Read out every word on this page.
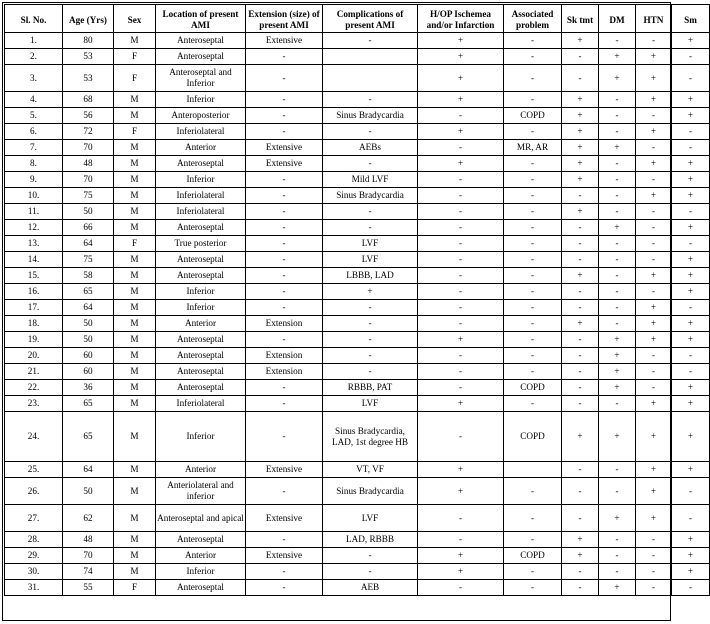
Sl. No.	Age (Yrs)	Sex	Location of present AMI	Extension (size) of present AMI	Complications of present AMI	H/OP Ischemea and/or Infarction	Associated problem	Sk tmt	DM	HTN	Sm
1.	80	M	Anteroseptal	Extensive	-	+	-	+	-	-	+
2.	53	F	Anteroseptal	-		+	-	-	+	+	-
3.	53	F	Anteroseptal and Inferior	-		+	-	-	+	+	-
4.	68	M	Inferior	-	-	+	-	+	-	+	+
5.	56	M	Anteroposterior	-	Sinus Bradycardia	-	COPD	+	-	-	+
6.	72	F	Inferiolateral	-	-	+	-	+	-	+	-
7.	70	M	Anterior	Extensive	AEBs	-	MR, AR	+	+	-	-
8.	48	M	Anteroseptal	Extensive	-	+	-	+	-	+	+
9.	70	M	Inferior	-	Mild LVF	-	-	+	-	-	+
10.	75	M	Inferiolateral	-	Sinus Bradycardia	-	-	-	-	+	+
11.	50	M	Inferiolateral	-	-	-	-	+	-	-	-
12.	66	M	Anteroseptal	-	-	-	-	-	+	-	+
13.	64	F	True posterior	-	LVF	-	-	-	-	-	-
14.	75	M	Anteroseptal	-	LVF	-	-	-	-	-	+
15.	58	M	Anteroseptal	-	LBBB, LAD	-	-	+	-	+	+
16.	65	M	Inferior	-	+	-	-	-	-	-	+
17.	64	M	Inferior	-	-	-	-	-	-	+	-
18.	50	M	Anterior	Extension	-	-	-	+	-	+	+
19.	50	M	Anteroseptal	-	-	+	-	-	+	+	+
20.	60	M	Anteroseptal	Extension	-	-	-	-	+	-	-
21.	60	M	Anteroseptal	Extension	-	-	-	-	+	-	-
22.	36	M	Anteroseptal	-	RBBB, PAT	-	COPD	-	+	-	+
23.	65	M	Inferiolateral	-	LVF	+	-	-	-	+	+
24.	65	M	Inferior	-	Sinus Bradycardia, LAD, 1st degree HB	-	COPD	+	+	+	+
25.	64	M	Anterior	Extensive	VT, VF	+		-	-	+	+
26.	50	M	Anteriolateral and inferior	-	Sinus Bradycardia	+	-	-	-	+	-
27.	62	M	Anteroseptal and apical	Extensive	LVF	-	-	-	+	+	-
28.	48	M	Anteroseptal	-	LAD, RBBB	-	-	+	-	-	+
29.	70	M	Anterior	Extensive	-	+	COPD	+	-	-	+
30.	74	M	Inferior	-	-	+	-	-	-	-	+
31.	55	F	Anteroseptal	-	AEB	-	-	-	+	-	-
